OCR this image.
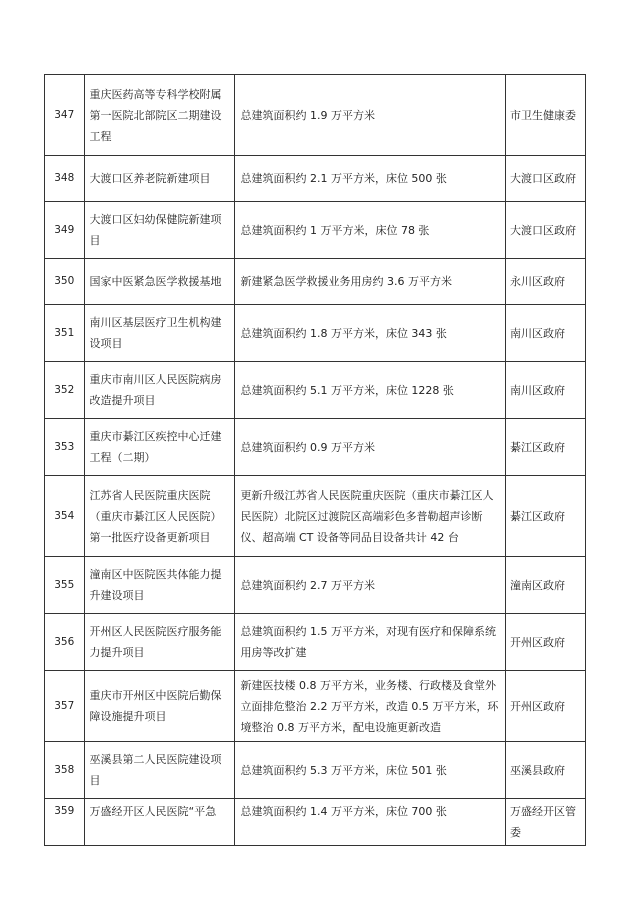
347	重庆医药高等专科学校附属第一医院北部院区二期建设工程	总建筑面积约 1.9 万平方米	市卫生健康委
348	大渡口区养老院新建项目	总建筑面积约 2.1 万平方米，床位 500 张	大渡口区政府
349	大渡口区妇幼保健院新建项目	总建筑面积约 1 万平方米，床位 78 张	大渡口区政府
350	国家中医紧急医学救援基地	新建紧急医学救援业务用房约 3.6 万平方米	永川区政府
351	南川区基层医疗卫生机构建设项目	总建筑面积约 1.8 万平方米，床位 343 张	南川区政府
352	重庆市南川区人民医院病房改造提升项目	总建筑面积约 5.1 万平方米，床位 1228 张	南川区政府
353	重庆市綦江区疾控中心迁建工程（二期）	总建筑面积约 0.9 万平方米	綦江区政府
354	江苏省人民医院重庆医院（重庆市綦江区人民医院）第一批医疗设备更新项目	更新升级江苏省人民医院重庆医院（重庆市綦江区人民医院）北院区过渡院区高端彩色多普勒超声诊断仪、超高端 CT 设备等同品目设备共计 42 台	綦江区政府
355	潼南区中医院医共体能力提升建设项目	总建筑面积约 2.7 万平方米	潼南区政府
356	开州区人民医院医疗服务能力提升项目	总建筑面积约 1.5 万平方米，对现有医疗和保障系统用房等改扩建	开州区政府
357	重庆市开州区中医院后勤保障设施提升项目	新建医技楼 0.8 万平方米，业务楼、行政楼及食堂外立面排危整治 2.2 万平方米，改造 0.5 万平方米，环境整治 0.8 万平方米，配电设施更新改造	开州区政府
358	巫溪县第二人民医院建设项目	总建筑面积约 5.3 万平方米，床位 501 张	巫溪县政府
359	万盛经开区人民医院“平急	总建筑面积约 1.4 万平方米，床位 700 张	万盛经开区管委
